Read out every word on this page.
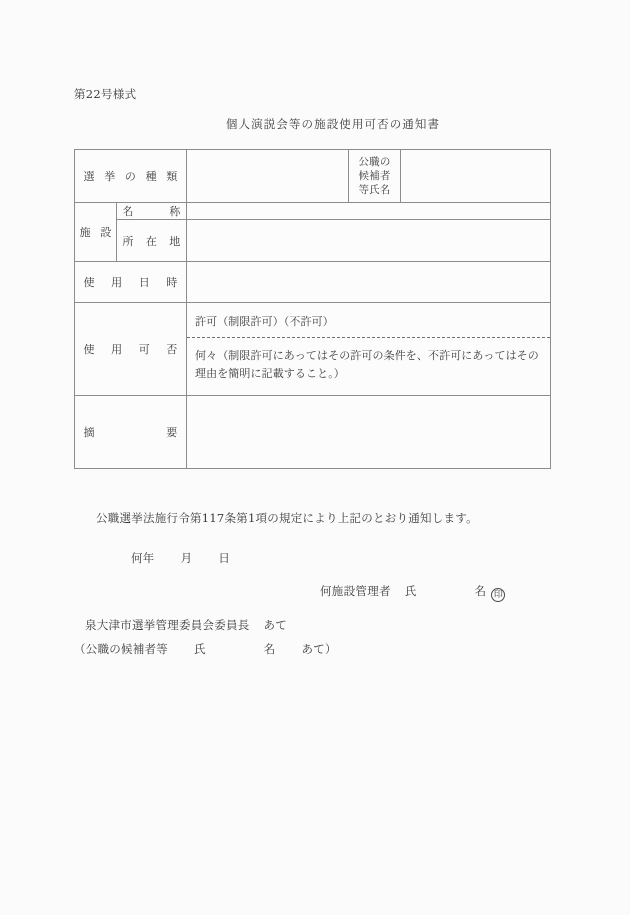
第22号様式
個人演説会等の施設使用可否の通知書
選挙の種類			公職の
候補者
等氏名	

施設	名称			
	所在地			
使用日時				
使用可否		許可（制限許可）（不許可）
何々（制限許可にあってはその許可の条件を、不許可にあってはその理由を簡明に記載すること。）		

摘要				
公職選挙法施行令第117条第1項の規定により上記のとおり通知します。
何年 月 日
何施設管理者 氏	名 印
泉大津市選挙管理委員会委員長 あて
（公職の候補者等 氏	名 あて）
